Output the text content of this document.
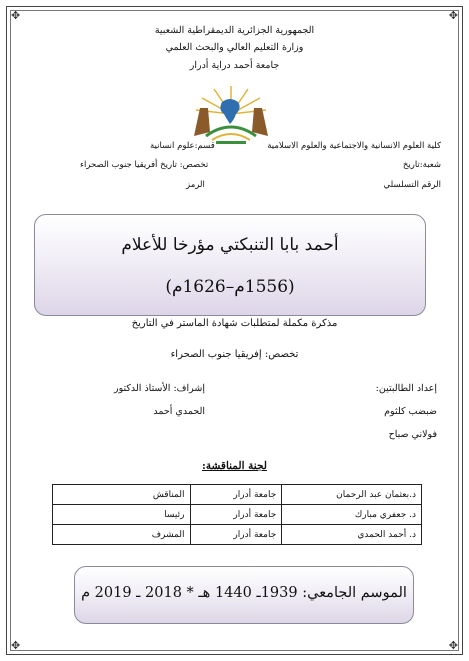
✥	✥
✥	✥
الجمهورية الجزائرية الديمقراطية الشعبية
وزارة التعليم العالي والبحث العلمي
جامعة أحمد دراية أدرار
كلية العلوم الانسانية والاجتماعية والعلوم الاسلامية
قسم:علوم انسانية
شعبة:تاريخ
تخصص: تاريخ أفريقيا جنوب الصحراء
الرقم التسلسلي
الرمز
أحمد بابا التنبكتي مؤرخا للأعلام
(1556م–1626م)
مذكرة مكملة لمتطلبات شهادة الماستر في التاريخ
تخصص: إفريقيا جنوب الصحراء
إعداد الطالبتين:
إشراف: الأستاذ الدكتور
ضبضب كلثوم
الحمدي أحمد
فولاني صباح
لجنة المناقشة:
د.بعثمان عبد الرحمان	جامعة أدرار	المناقش
د. جعفري مبارك	جامعة أدرار	رئيسا
د. أحمد الحمدي	جامعة أدرار	المشرف
الموسم الجامعي: 1939ـ 1440 هـ * 2018 ـ 2019 م
